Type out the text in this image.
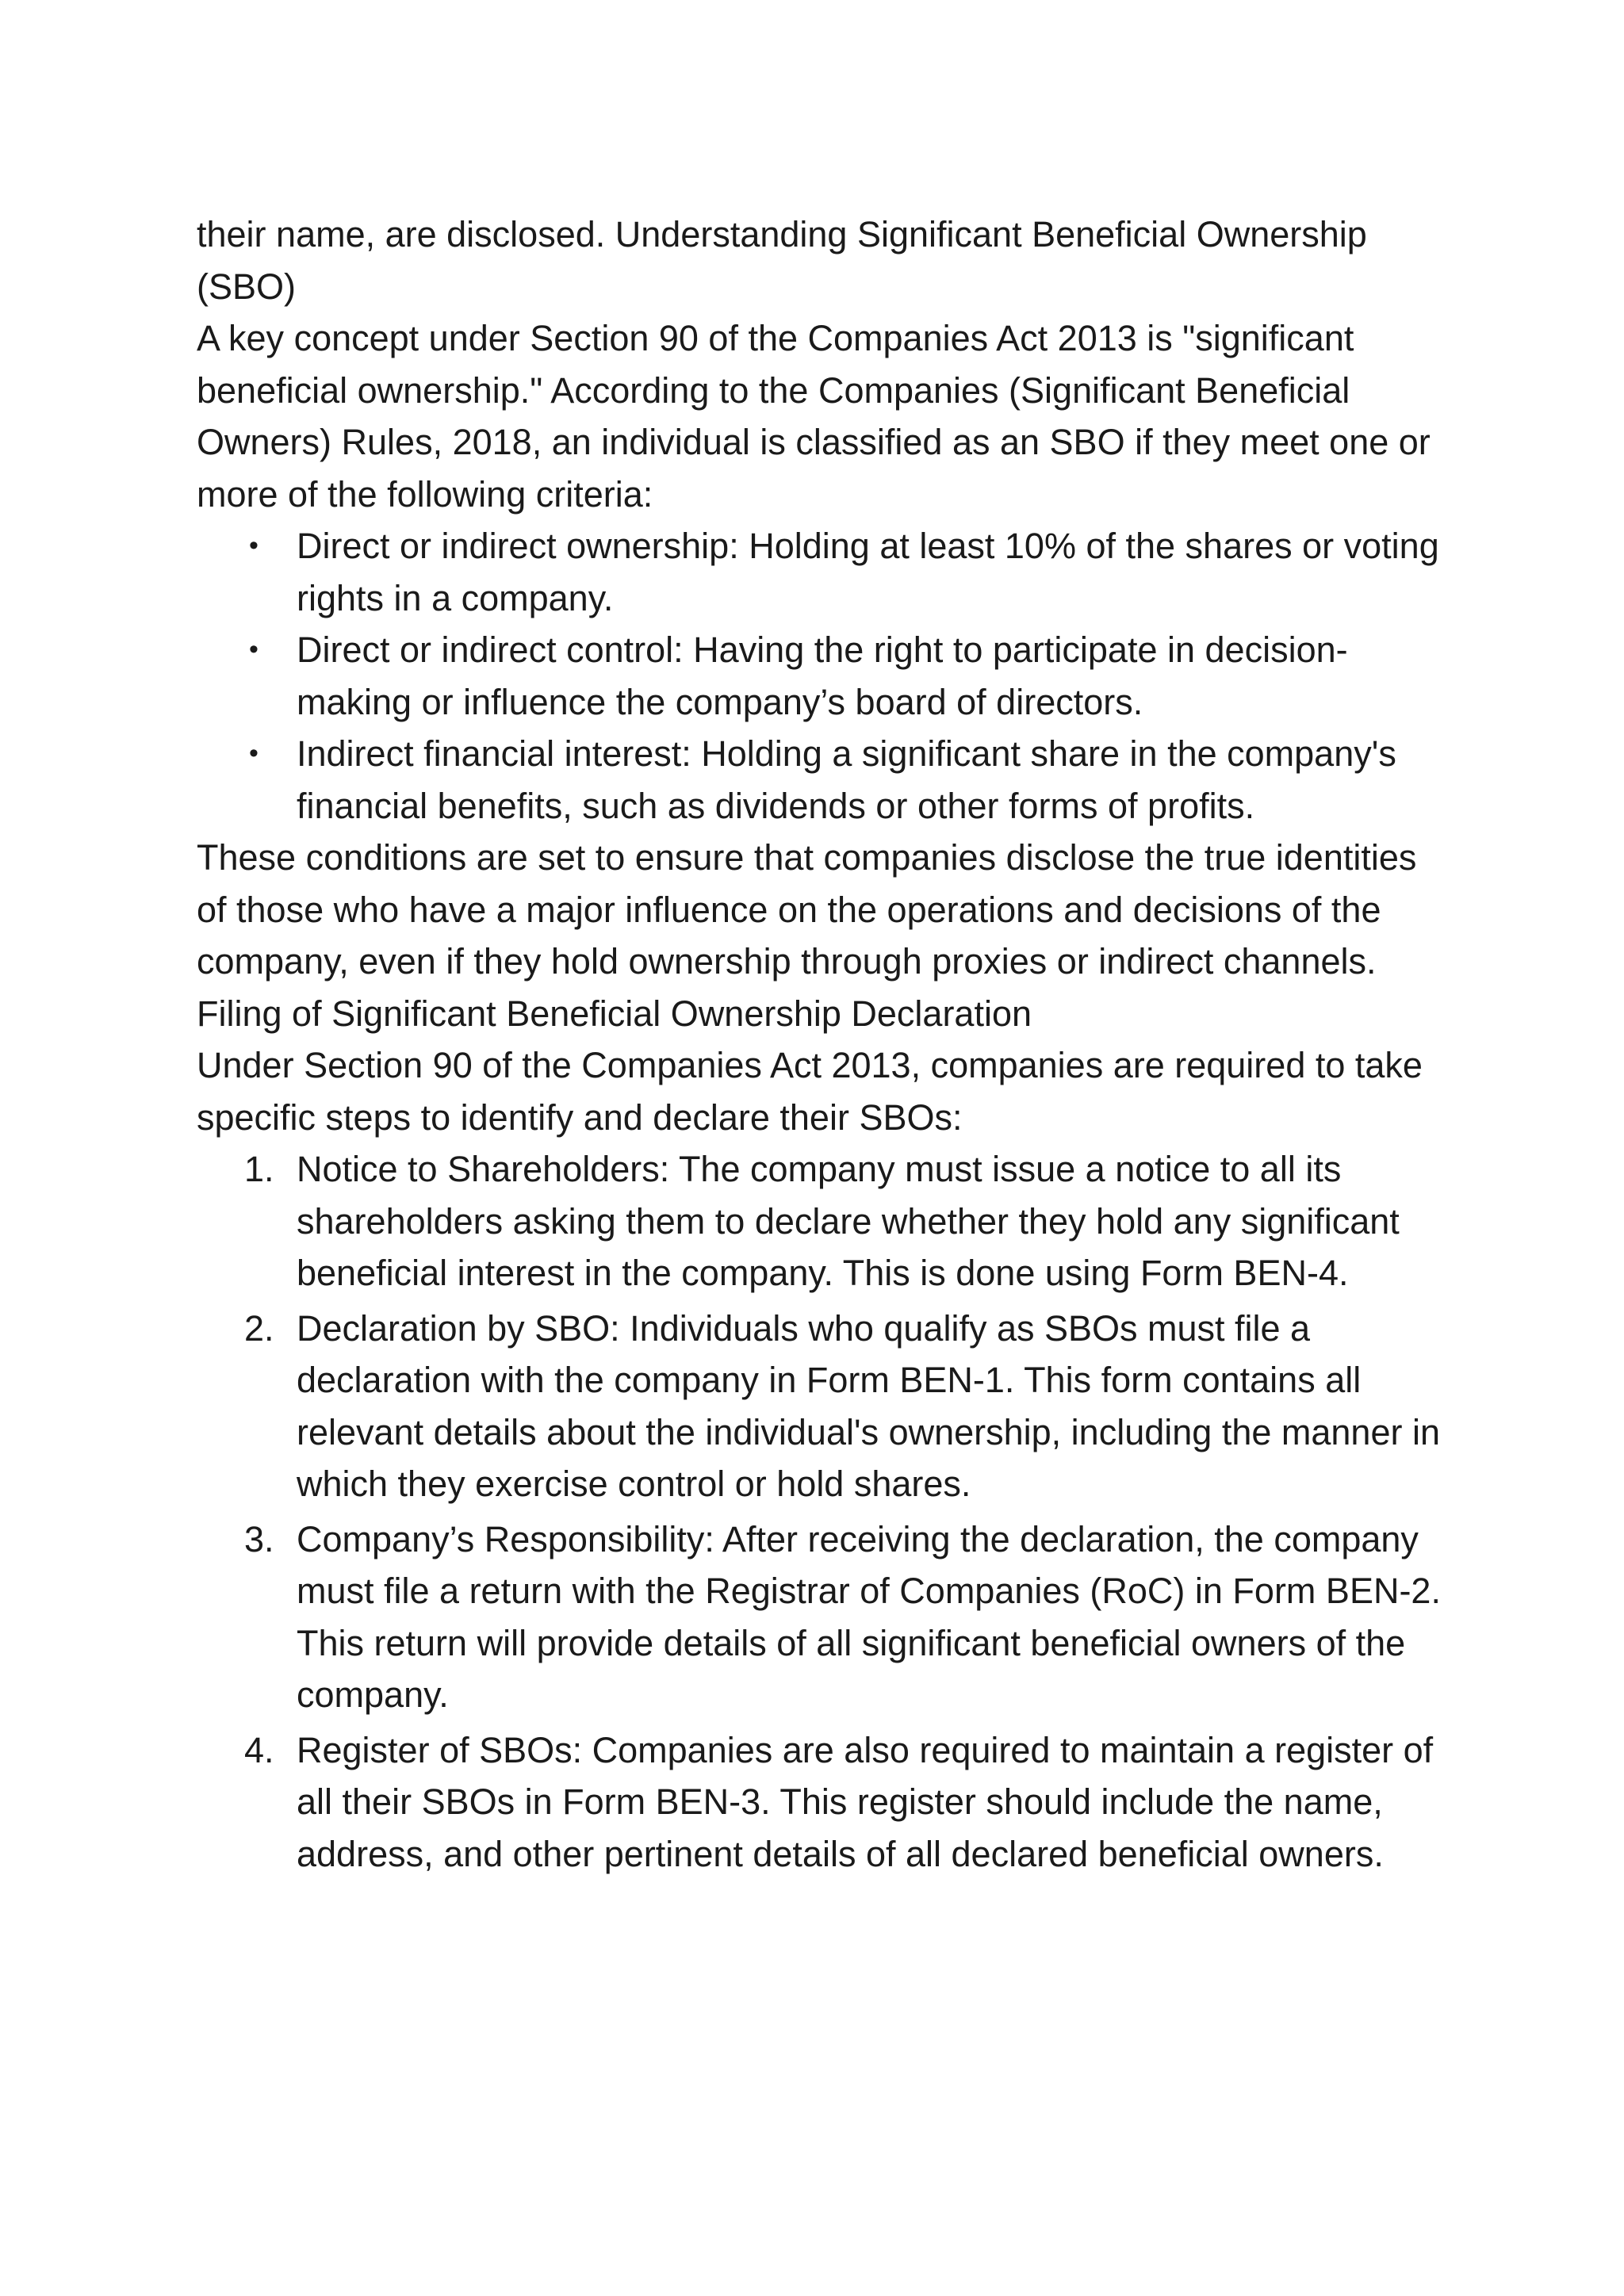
their name, are disclosed. Understanding Significant Beneficial Ownership (SBO)

A key concept under Section 90 of the Companies Act 2013 is "significant beneficial ownership." According to the Companies (Significant Beneficial Owners) Rules, 2018, an individual is classified as an SBO if they meet one or more of the following criteria:

• Direct or indirect ownership: Holding at least 10% of the shares or voting rights in a company.
• Direct or indirect control: Having the right to participate in decision-making or influence the company’s board of directors.
• Indirect financial interest: Holding a significant share in the company's financial benefits, such as dividends or other forms of profits.

These conditions are set to ensure that companies disclose the true identities of those who have a major influence on the operations and decisions of the company, even if they hold ownership through proxies or indirect channels.

Filing of Significant Beneficial Ownership Declaration

Under Section 90 of the Companies Act 2013, companies are required to take specific steps to identify and declare their SBOs:

1. Notice to Shareholders: The company must issue a notice to all its shareholders asking them to declare whether they hold any significant beneficial interest in the company. This is done using Form BEN-4.
2. Declaration by SBO: Individuals who qualify as SBOs must file a declaration with the company in Form BEN-1. This form contains all relevant details about the individual's ownership, including the manner in which they exercise control or hold shares.
3. Company’s Responsibility: After receiving the declaration, the company must file a return with the Registrar of Companies (RoC) in Form BEN-2. This return will provide details of all significant beneficial owners of the company.
4. Register of SBOs: Companies are also required to maintain a register of all their SBOs in Form BEN-3. This register should include the name, address, and other pertinent details of all declared beneficial owners.
